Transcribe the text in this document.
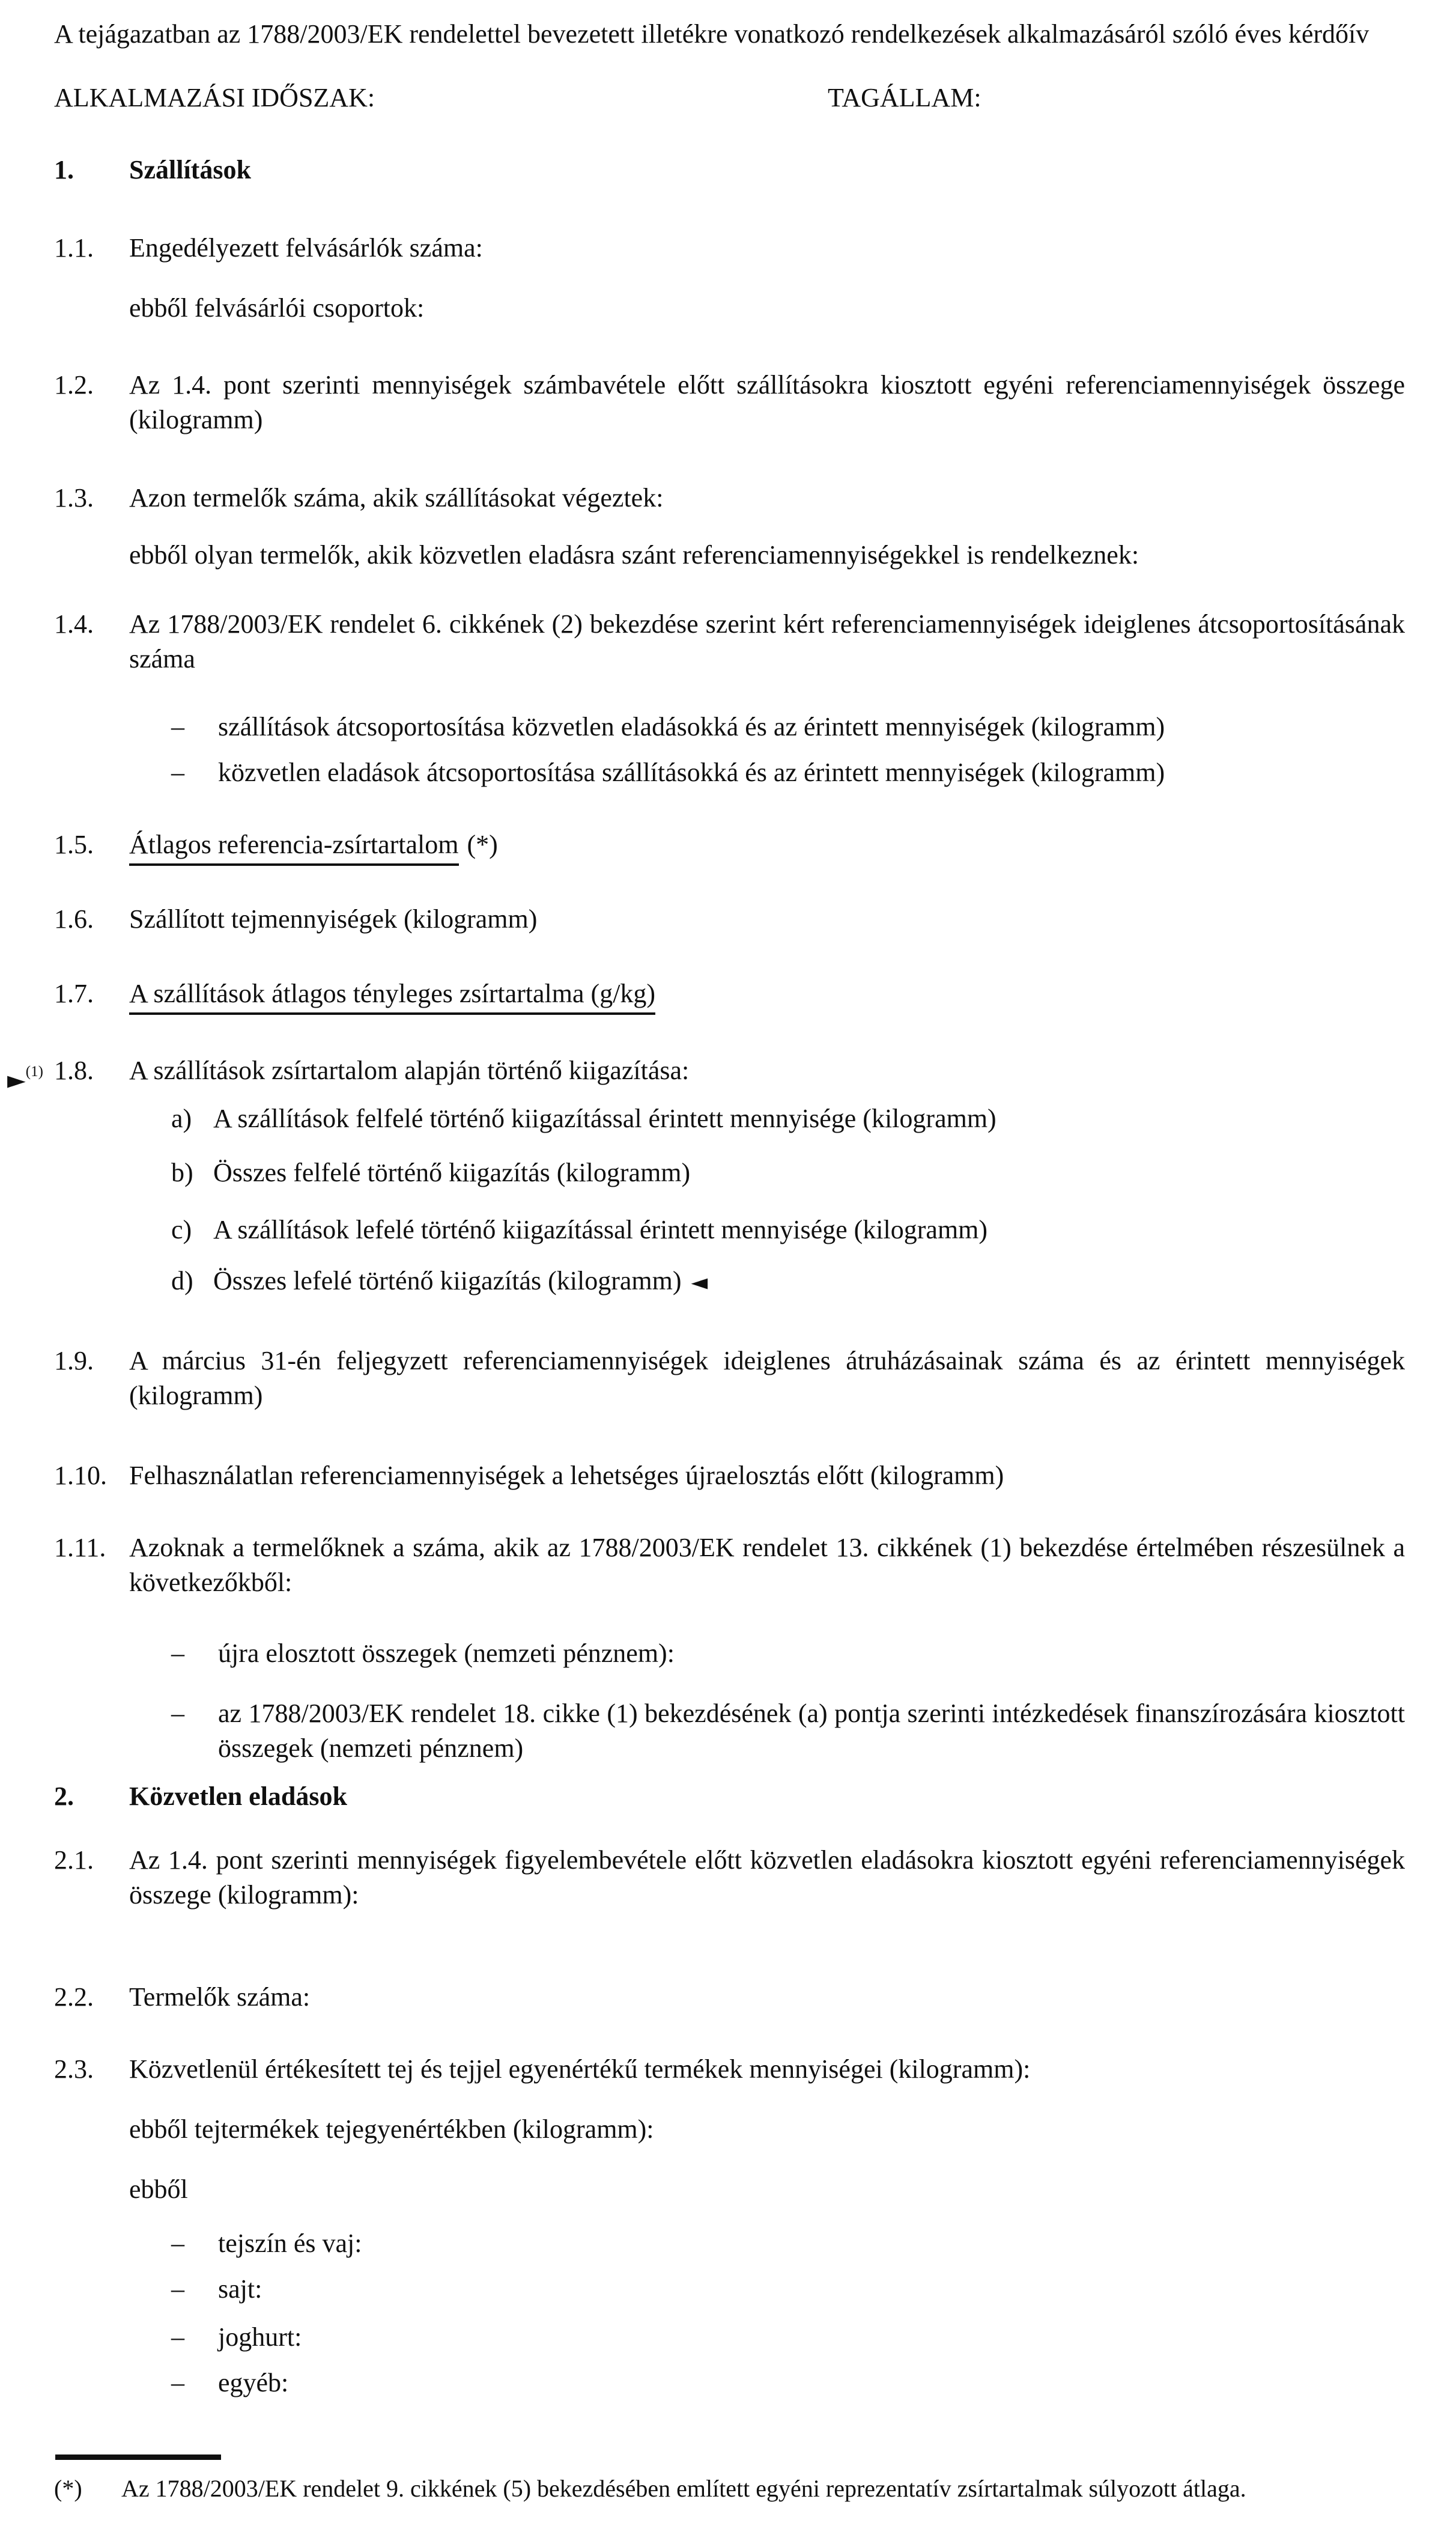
A tejágazatban az 1788/2003/EK rendelettel bevezetett illetékre vonatkozó rendelkezések alkalmazásáról szóló éves kérdőív

ALKALMAZÁSI IDŐSZAK:	TAGÁLLAM:
1.	Szállítások
1.1.	Engedélyezett felvásárlók száma:
ebből felvásárlói csoportok:
1.2.	Az 1.4. pont szerinti mennyiségek számbavétele előtt szállításokra kiosztott egyéni referenciamennyiségek összege (kilogramm)
1.3.	Azon termelők száma, akik szállításokat végeztek:
ebből olyan termelők, akik közvetlen eladásra szánt referenciamennyiségekkel is rendelkeznek:
1.4.	Az 1788/2003/EK rendelet 6. cikkének (2) bekezdése szerint kért referenciamennyiségek ideiglenes átcsoportosításának száma
–	szállítások átcsoportosítása közvetlen eladásokká és az érintett mennyiségek (kilogramm)
–	közvetlen eladások átcsoportosítása szállításokká és az érintett mennyiségek (kilogramm)
1.5.	Átlagos referencia-zsírtartalom (*)
1.6.	Szállított tejmennyiségek (kilogramm)
1.7.	A szállítások átlagos tényleges zsírtartalma (g/kg)
►$^{(1)}$ 1.8.	A szállítások zsírtartalom alapján történő kiigazítása:
a) A szállítások felfelé történő kiigazítással érintett mennyisége (kilogramm)
b) Összes felfelé történő kiigazítás (kilogramm)
c) A szállítások lefelé történő kiigazítással érintett mennyisége (kilogramm)
d) Összes lefelé történő kiigazítás (kilogramm) ◄
1.9.	A március 31-én feljegyzett referenciamennyiségek ideiglenes átruházásainak száma és az érintett mennyiségek (kilogramm)
1.10. Felhasználatlan referenciamennyiségek a lehetséges újraelosztás előtt (kilogramm)
1.11. Azoknak a termelőknek a száma, akik az 1788/2003/EK rendelet 13. cikkének (1) bekezdése értelmében részesülnek a következőkből:
–	újra elosztott összegek (nemzeti pénznem):
–	az 1788/2003/EK rendelet 18. cikke (1) bekezdésének (a) pontja szerinti intézkedések finanszírozására kiosztott összegek (nemzeti pénznem)
2.	Közvetlen eladások
2.1.	Az 1.4. pont szerinti mennyiségek figyelembevétele előtt közvetlen eladásokra kiosztott egyéni referenciamennyiségek összege (kilogramm):
2.2.	Termelők száma:
2.3.	Közvetlenül értékesített tej és tejjel egyenértékű termékek mennyiségei (kilogramm):
ebből tejtermékek tejegyenértékben (kilogramm):
ebből
–	tejszín és vaj:
–	sajt:
–	joghurt:
–	egyéb:
(*)	Az 1788/2003/EK rendelet 9. cikkének (5) bekezdésében említett egyéni reprezentatív zsírtartalmak súlyozott átlaga.
